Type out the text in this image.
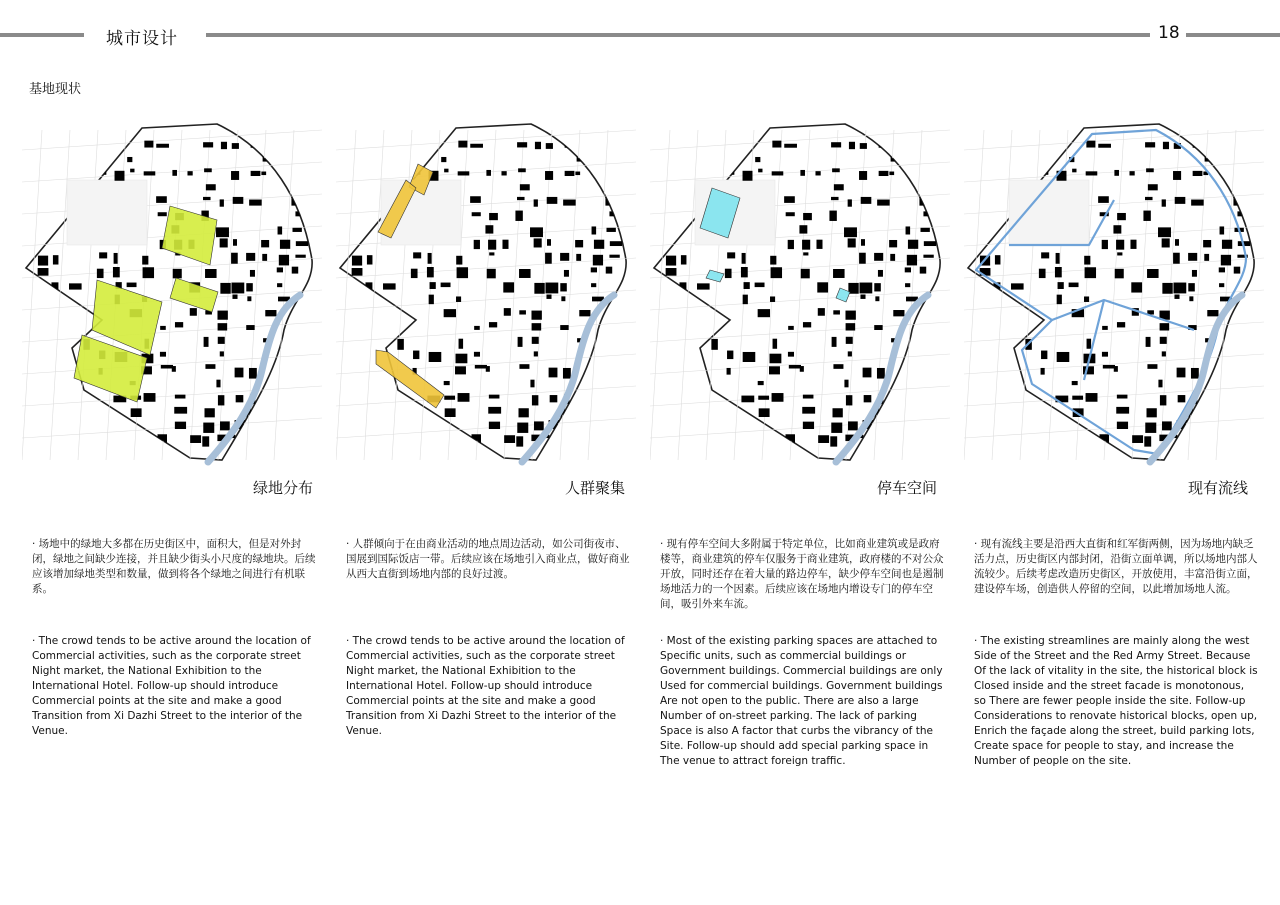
城市设计	18
基地现状
绿地分布	人群聚集	停车空间	现有流线

· 场地中的绿地大多都在历史街区中，面积大，但是对外封闭，绿地之间缺少连接，并且缺少街头小尺度的绿地块。后续应该增加绿地类型和数量，做到将各个绿地之间进行有机联系。

· 人群倾向于在由商业活动的地点周边活动，如公司街夜市、国展到国际饭店一带。后续应该在场地引入商业点，做好商业从西大直街到场地内部的良好过渡。

· 现有停车空间大多附属于特定单位，比如商业建筑或是政府楼等，商业建筑的停车仅服务于商业建筑，政府楼的不对公众开放，同时还存在着大量的路边停车，缺少停车空间也是遏制场地活力的一个因素。后续应该在场地内增设专门的停车空间，吸引外来车流。

· 现有流线主要是沿西大直街和红军街两侧，因为场地内缺乏活力点，历史街区内部封闭，沿街立面单调，所以场地内部人流较少。后续考虑改造历史街区，开放使用，丰富沿街立面，建设停车场，创造供人停留的空间，以此增加场地人流。

· The crowd tends to be active around the location of Commercial activities, such as the corporate street Night market, the National Exhibition to the International Hotel. Follow-up should introduce Commercial points at the site and make a good Transition from Xi Dazhi Street to the interior of the Venue.

· The crowd tends to be active around the location of Commercial activities, such as the corporate street Night market, the National Exhibition to the International Hotel. Follow-up should introduce Commercial points at the site and make a good Transition from Xi Dazhi Street to the interior of the Venue.

· Most of the existing parking spaces are attached to Specific units, such as commercial buildings or Government buildings. Commercial buildings are only Used for commercial buildings. Government buildings Are not open to the public. There are also a large Number of on-street parking. The lack of parking Space is also A factor that curbs the vibrancy of the Site. Follow-up should add special parking space in The venue to attract foreign traffic.

· The existing streamlines are mainly along the west Side of the Street and the Red Army Street. Because Of the lack of vitality in the site, the historical block is Closed inside and the street facade is monotonous, so There are fewer people inside the site. Follow-up Considerations to renovate historical blocks, open up, Enrich the façade along the street, build parking lots, Create space for people to stay, and increase the Number of people on the site.
